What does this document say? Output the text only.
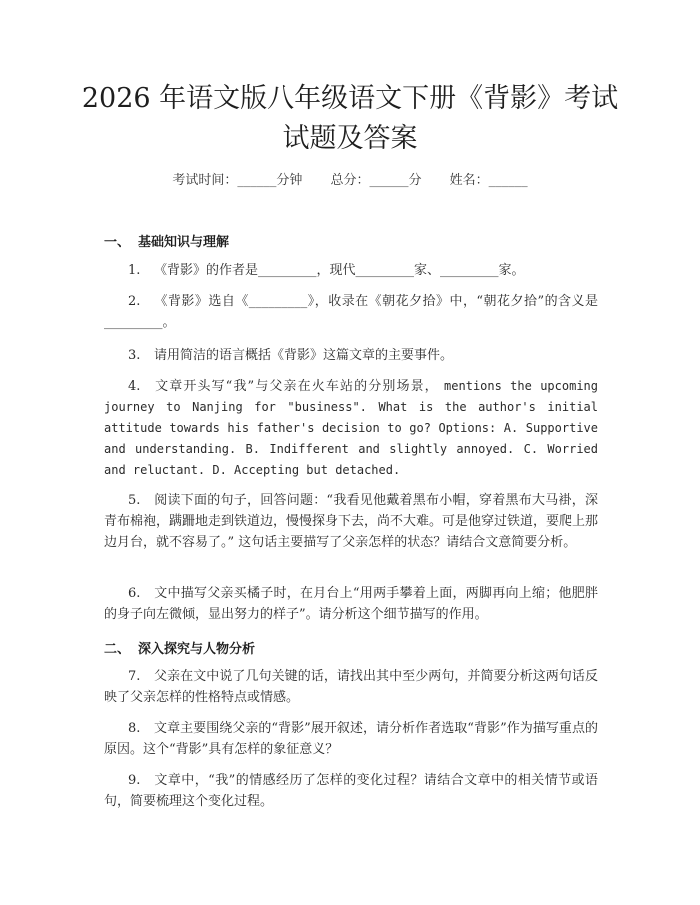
2026 年语文版八年级语文下册《背影》考试
试题及答案
考试时间：______分钟 总分：______分 姓名：______
一、 基础知识与理解
1. 《背影》的作者是_________，现代_________家、_________家。
2. 《背影》选自《_________》，收录在《朝花夕拾》中，“朝花夕拾”的含义是_________。
3. 请用简洁的语言概括《背影》这篇文章的主要事件。
4. 文章开头写“我”与父亲在火车站的分别场景， mentions the upcoming journey to Nanjing for "business". What is the author's initial attitude towards his father's decision to go? Options: A. Supportive and understanding. B. Indifferent and slightly annoyed. C. Worried and reluctant. D. Accepting but detached.
5. 阅读下面的句子，回答问题：“我看见他戴着黑布小帽，穿着黑布大马褂，深青布棉袍，蹒跚地走到铁道边，慢慢探身下去，尚不大难。可是他穿过铁道，要爬上那边月台，就不容易了。” 这句话主要描写了父亲怎样的状态？请结合文意简要分析。
6. 文中描写父亲买橘子时，在月台上“用两手攀着上面，两脚再向上缩；他肥胖的身子向左微倾，显出努力的样子”。请分析这个细节描写的作用。
二、 深入探究与人物分析
7. 父亲在文中说了几句关键的话，请找出其中至少两句，并简要分析这两句话反映了父亲怎样的性格特点或情感。
8. 文章主要围绕父亲的“背影”展开叙述，请分析作者选取“背影”作为描写重点的原因。这个“背影”具有怎样的象征意义？
9. 文章中，“我”的情感经历了怎样的变化过程？请结合文章中的相关情节或语句，简要梳理这个变化过程。
